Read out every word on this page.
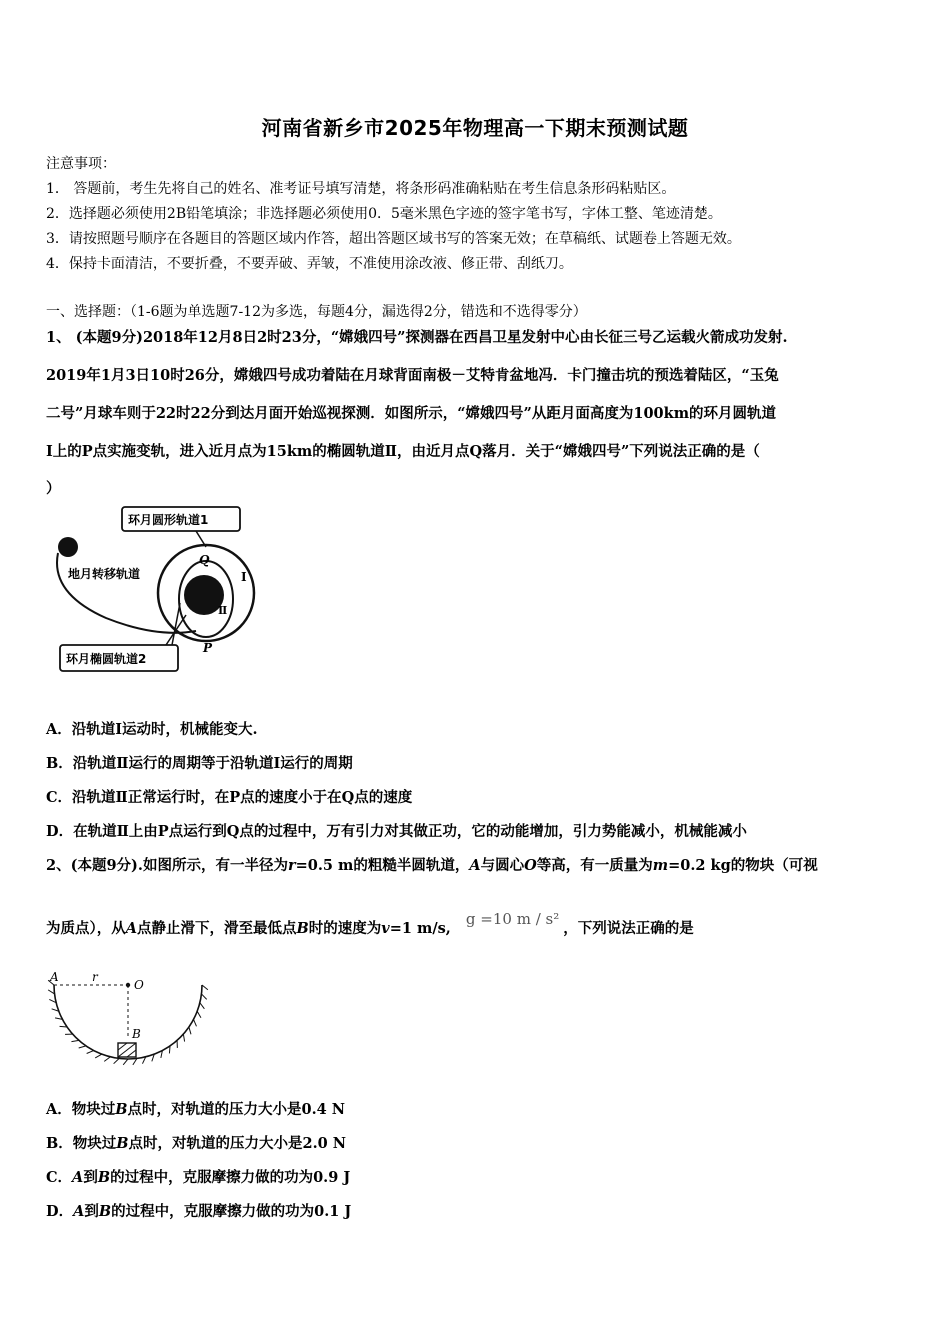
河南省新乡市2025年物理高一下期末预测试题
注意事项：
1． 答题前，考生先将自己的姓名、准考证号填写清楚，将条形码准确粘贴在考生信息条形码粘贴区。
2．选择题必须使用2B铅笔填涂；非选择题必须使用0．5毫米黑色字迹的签字笔书写，字体工整、笔迹清楚。
3．请按照题号顺序在各题目的答题区域内作答，超出答题区域书写的答案无效；在草稿纸、试题卷上答题无效。
4．保持卡面清洁，不要折叠，不要弄破、弄皱，不准使用涂改液、修正带、刮纸刀。
一、选择题：（1-6题为单选题7-12为多选，每题4分，漏选得2分，错选和不选得零分）
1、 (本题9分)2018年12月8日2时23分，“嫦娥四号”探测器在西昌卫星发射中心由长征三号乙运载火箭成功发射.
2019年1月3日10时26分，嫦娥四号成功着陆在月球背面南极－艾特肯盆地冯．卡门撞击坑的预选着陆区，“玉兔
二号”月球车则于22时22分到达月面开始巡视探测．如图所示，“嫦娥四号”从距月面高度为100km的环月圆轨道
I上的P点实施变轨，进入近月点为15km的椭圆轨道Ⅱ，由近月点Q落月．关于“嫦娥四号”下列说法正确的是（
）
环月圆形轨道1
地月转移轨道
环月椭圆轨道2
Q
P
I
Ⅱ
A．沿轨道I运动时，机械能变大.
B．沿轨道Ⅱ运行的周期等于沿轨道I运行的周期
C．沿轨道Ⅱ正常运行时，在P点的速度小于在Q点的速度
D．在轨道Ⅱ上由P点运行到Q点的过程中，万有引力对其做正功，它的动能增加，引力势能减小，机械能减小
2、(本题9分).如图所示，有一半径为r=0.5 m的粗糙半圆轨道，A与圆心O等高，有一质量为m=0.2 kg的物块（可视
为质点），从A点静止滑下，滑至最低点B时的速度为v=1 m/s, g =10 m / s²，下列说法正确的是
A	r
O
B
A．物块过B点时，对轨道的压力大小是0.4 N
B．物块过B点时，对轨道的压力大小是2.0 N
C．A到B的过程中，克服摩擦力做的功为0.9 J
D．A到B的过程中，克服摩擦力做的功为0.1 J
